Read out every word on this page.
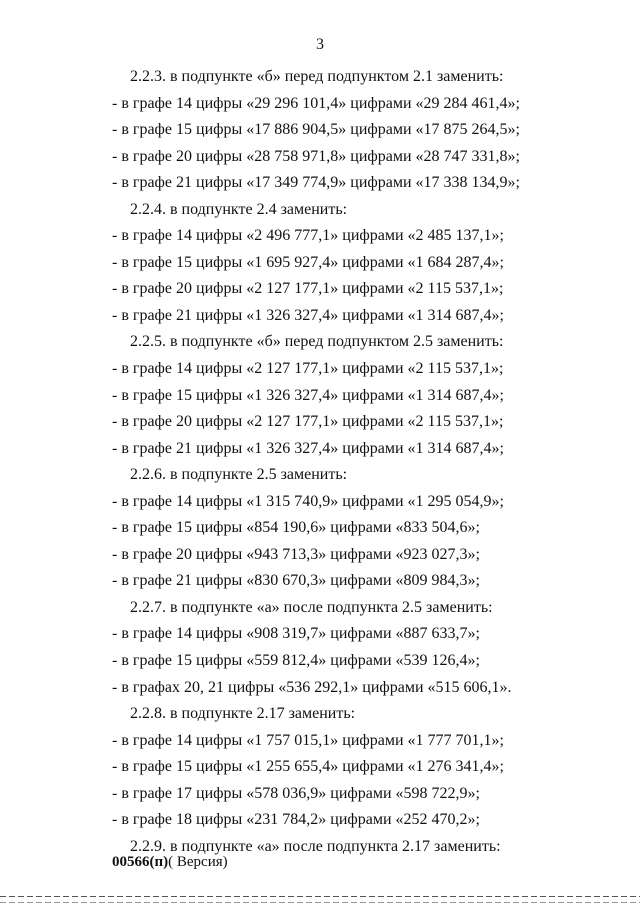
3
2.2.3. в подпункте «б» перед подпунктом 2.1 заменить:
- в графе 14 цифры «29 296 101,4» цифрами «29 284 461,4»;
- в графе 15 цифры «17 886 904,5» цифрами «17 875 264,5»;
- в графе 20 цифры «28 758 971,8» цифрами «28 747 331,8»;
- в графе 21 цифры «17 349 774,9» цифрами «17 338 134,9»;
2.2.4. в подпункте 2.4 заменить:
- в графе 14 цифры «2 496 777,1» цифрами «2 485 137,1»;
- в графе 15 цифры «1 695 927,4» цифрами «1 684 287,4»;
- в графе 20 цифры «2 127 177,1» цифрами «2 115 537,1»;
- в графе 21 цифры «1 326 327,4» цифрами «1 314 687,4»;
2.2.5. в подпункте «б» перед подпунктом 2.5 заменить:
- в графе 14 цифры «2 127 177,1» цифрами «2 115 537,1»;
- в графе 15 цифры «1 326 327,4» цифрами «1 314 687,4»;
- в графе 20 цифры «2 127 177,1» цифрами «2 115 537,1»;
- в графе 21 цифры «1 326 327,4» цифрами «1 314 687,4»;
2.2.6. в подпункте 2.5 заменить:
- в графе 14 цифры «1 315 740,9» цифрами «1 295 054,9»;
- в графе 15 цифры «854 190,6» цифрами «833 504,6»;
- в графе 20 цифры «943 713,3» цифрами «923 027,3»;
- в графе 21 цифры «830 670,3» цифрами «809 984,3»;
2.2.7. в подпункте «а» после подпункта 2.5 заменить:
- в графе 14 цифры «908 319,7» цифрами «887 633,7»;
- в графе 15 цифры «559 812,4» цифрами «539 126,4»;
- в графах 20, 21 цифры «536 292,1» цифрами «515 606,1».
2.2.8. в подпункте 2.17 заменить:
- в графе 14 цифры «1 757 015,1» цифрами «1 777 701,1»;
- в графе 15 цифры «1 255 655,4» цифрами «1 276 341,4»;
- в графе 17 цифры «578 036,9» цифрами «598 722,9»;
- в графе 18 цифры «231 784,2» цифрами «252 470,2»;
2.2.9. в подпункте «а» после подпункта 2.17 заменить:
00566(п)( Версия)
